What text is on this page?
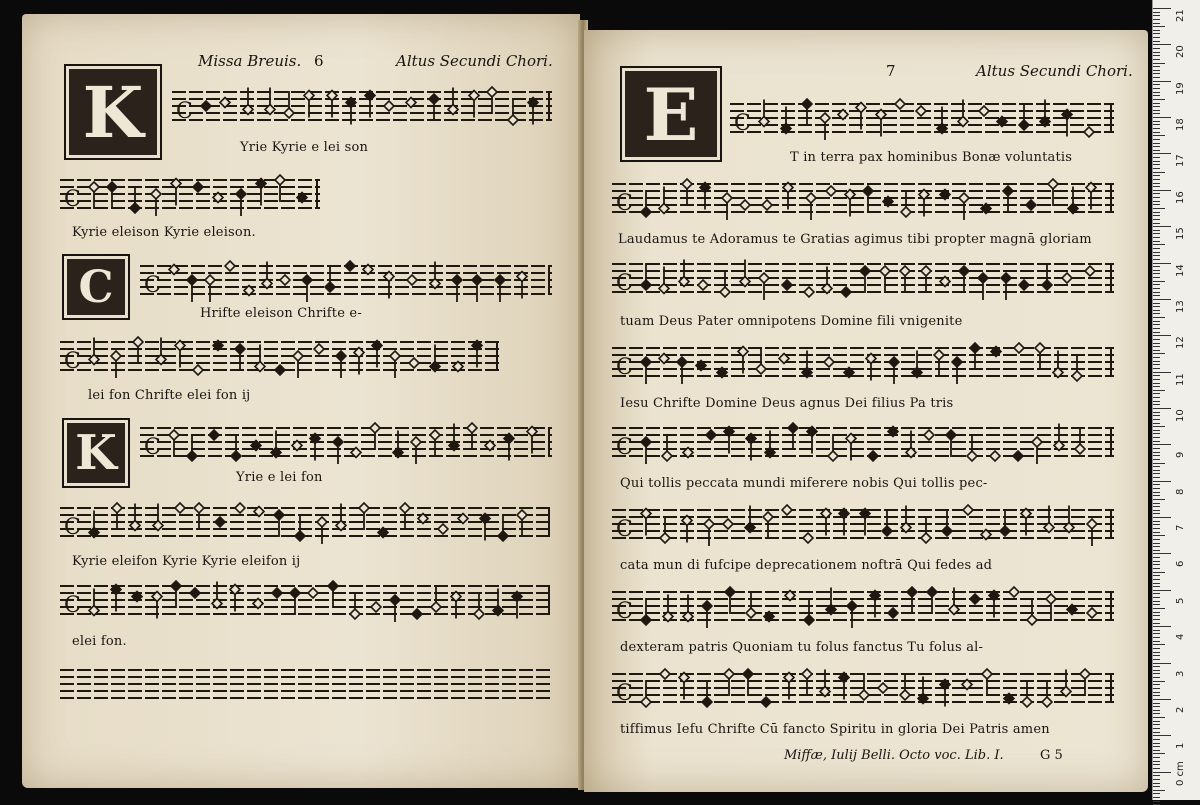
Missa Breuis. 6	Altus Secundi Chori.
K
C
K
C
Yrie Kyrie e lei son
C
Kyrie eleison Kyrie eleison.
C
Hrifte eleison Chrifte e-
C
lei fon Chrifte elei fon ij
C
Yrie e lei fon
C
Kyrie eleifon Kyrie Kyrie eleifon ij
C
elei fon.
7	Altus Secundi Chori.
E C
T in terra pax hominibus Bonæ voluntatis
C
Laudamus te Adoramus te Gratias agimus tibi propter magnā gloriam
C
tuam Deus Pater omnipotens Domine fili vnigenite
C
Iesu Chrifte Domine Deus agnus Dei filius Pa tris
C
Qui tollis peccata mundi miferere nobis Qui tollis pec-
C
cata mun di fufcipe deprecationem noftrā Qui fedes ad
C
dexteram patris Quoniam tu folus fanctus Tu folus al-
C
tiffimus Iefu Chrifte Cū fancto Spiritu in gloria Dei Patris amen
Miffæ, Iulij Belli. Octo voc. Lib. I.	G 5
21
20
19
18
17
16
15
14
13
12
11
10
9
8
7
6
5
4
3
2
1
0 cm
